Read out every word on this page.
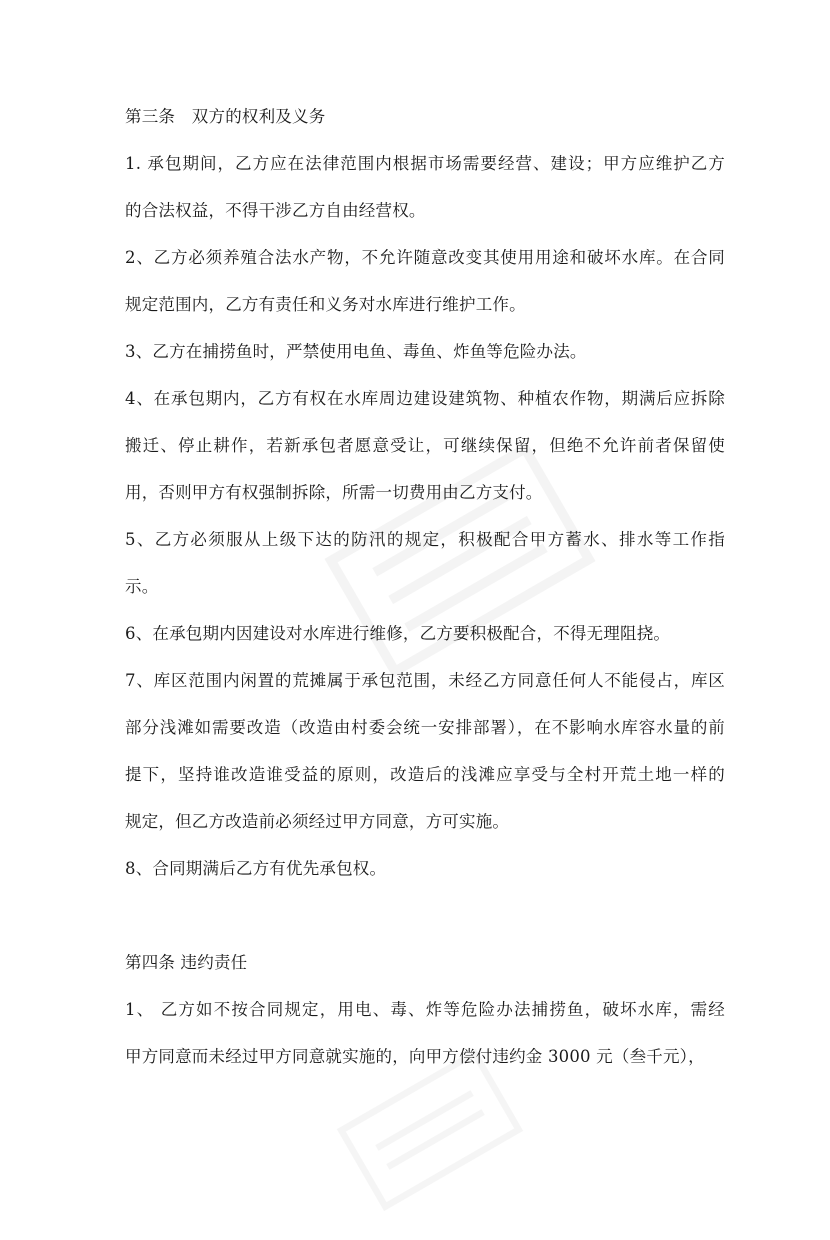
第三条　双方的权利及义务
1. 承包期间，乙方应在法律范围内根据市场需要经营、建设；甲方应维护乙方
的合法权益，不得干涉乙方自由经营权。
2、乙方必须养殖合法水产物，不允许随意改变其使用用途和破坏水库。在合同
规定范围内，乙方有责任和义务对水库进行维护工作。
3、乙方在捕捞鱼时，严禁使用电鱼、毒鱼、炸鱼等危险办法。
4、在承包期内，乙方有权在水库周边建设建筑物、种植农作物，期满后应拆除
搬迁、停止耕作，若新承包者愿意受让，可继续保留，但绝不允许前者保留使
用，否则甲方有权强制拆除，所需一切费用由乙方支付。
5、乙方必须服从上级下达的防汛的规定，积极配合甲方蓄水、排水等工作指
示。
6、在承包期内因建设对水库进行维修，乙方要积极配合，不得无理阻挠。
7、库区范围内闲置的荒摊属于承包范围，未经乙方同意任何人不能侵占，库区
部分浅滩如需要改造（改造由村委会统一安排部署），在不影响水库容水量的前
提下，坚持谁改造谁受益的原则，改造后的浅滩应享受与全村开荒土地一样的
规定，但乙方改造前必须经过甲方同意，方可实施。
8、合同期满后乙方有优先承包权。
第四条 违约责任
1、 乙方如不按合同规定，用电、毒、炸等危险办法捕捞鱼，破坏水库，需经
甲方同意而未经过甲方同意就实施的，向甲方偿付违约金 3000 元（叁千元），
